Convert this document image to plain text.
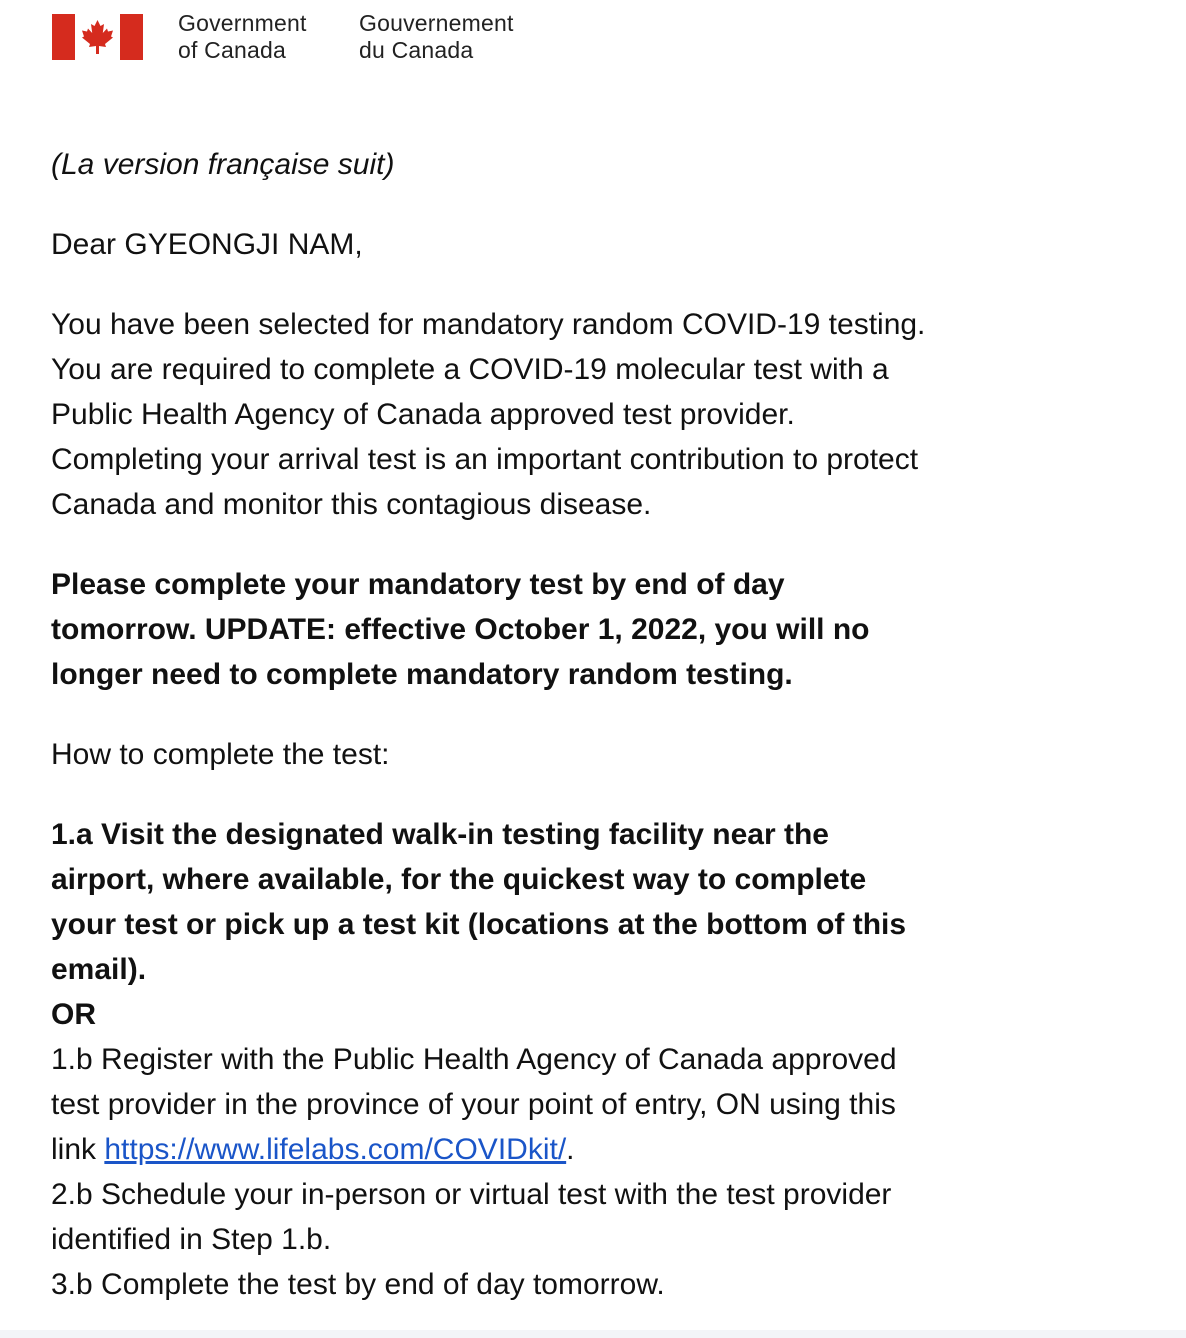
Government
of Canada
Gouvernement
du Canada

(La version française suit)

Dear GYEONGJI NAM,

You have been selected for mandatory random COVID-19 testing.
You are required to complete a COVID-19 molecular test with a
Public Health Agency of Canada approved test provider.
Completing your arrival test is an important contribution to protect
Canada and monitor this contagious disease.

Please complete your mandatory test by end of day
tomorrow. UPDATE: effective October 1, 2022, you will no
longer need to complete mandatory random testing.

How to complete the test:

1.a Visit the designated walk-in testing facility near the
airport, where available, for the quickest way to complete
your test or pick up a test kit (locations at the bottom of this
email).
OR
1.b Register with the Public Health Agency of Canada approved
test provider in the province of your point of entry, ON using this
link https://www.lifelabs.com/COVIDkit/.
2.b Schedule your in-person or virtual test with the test provider
identified in Step 1.b.
3.b Complete the test by end of day tomorrow.
